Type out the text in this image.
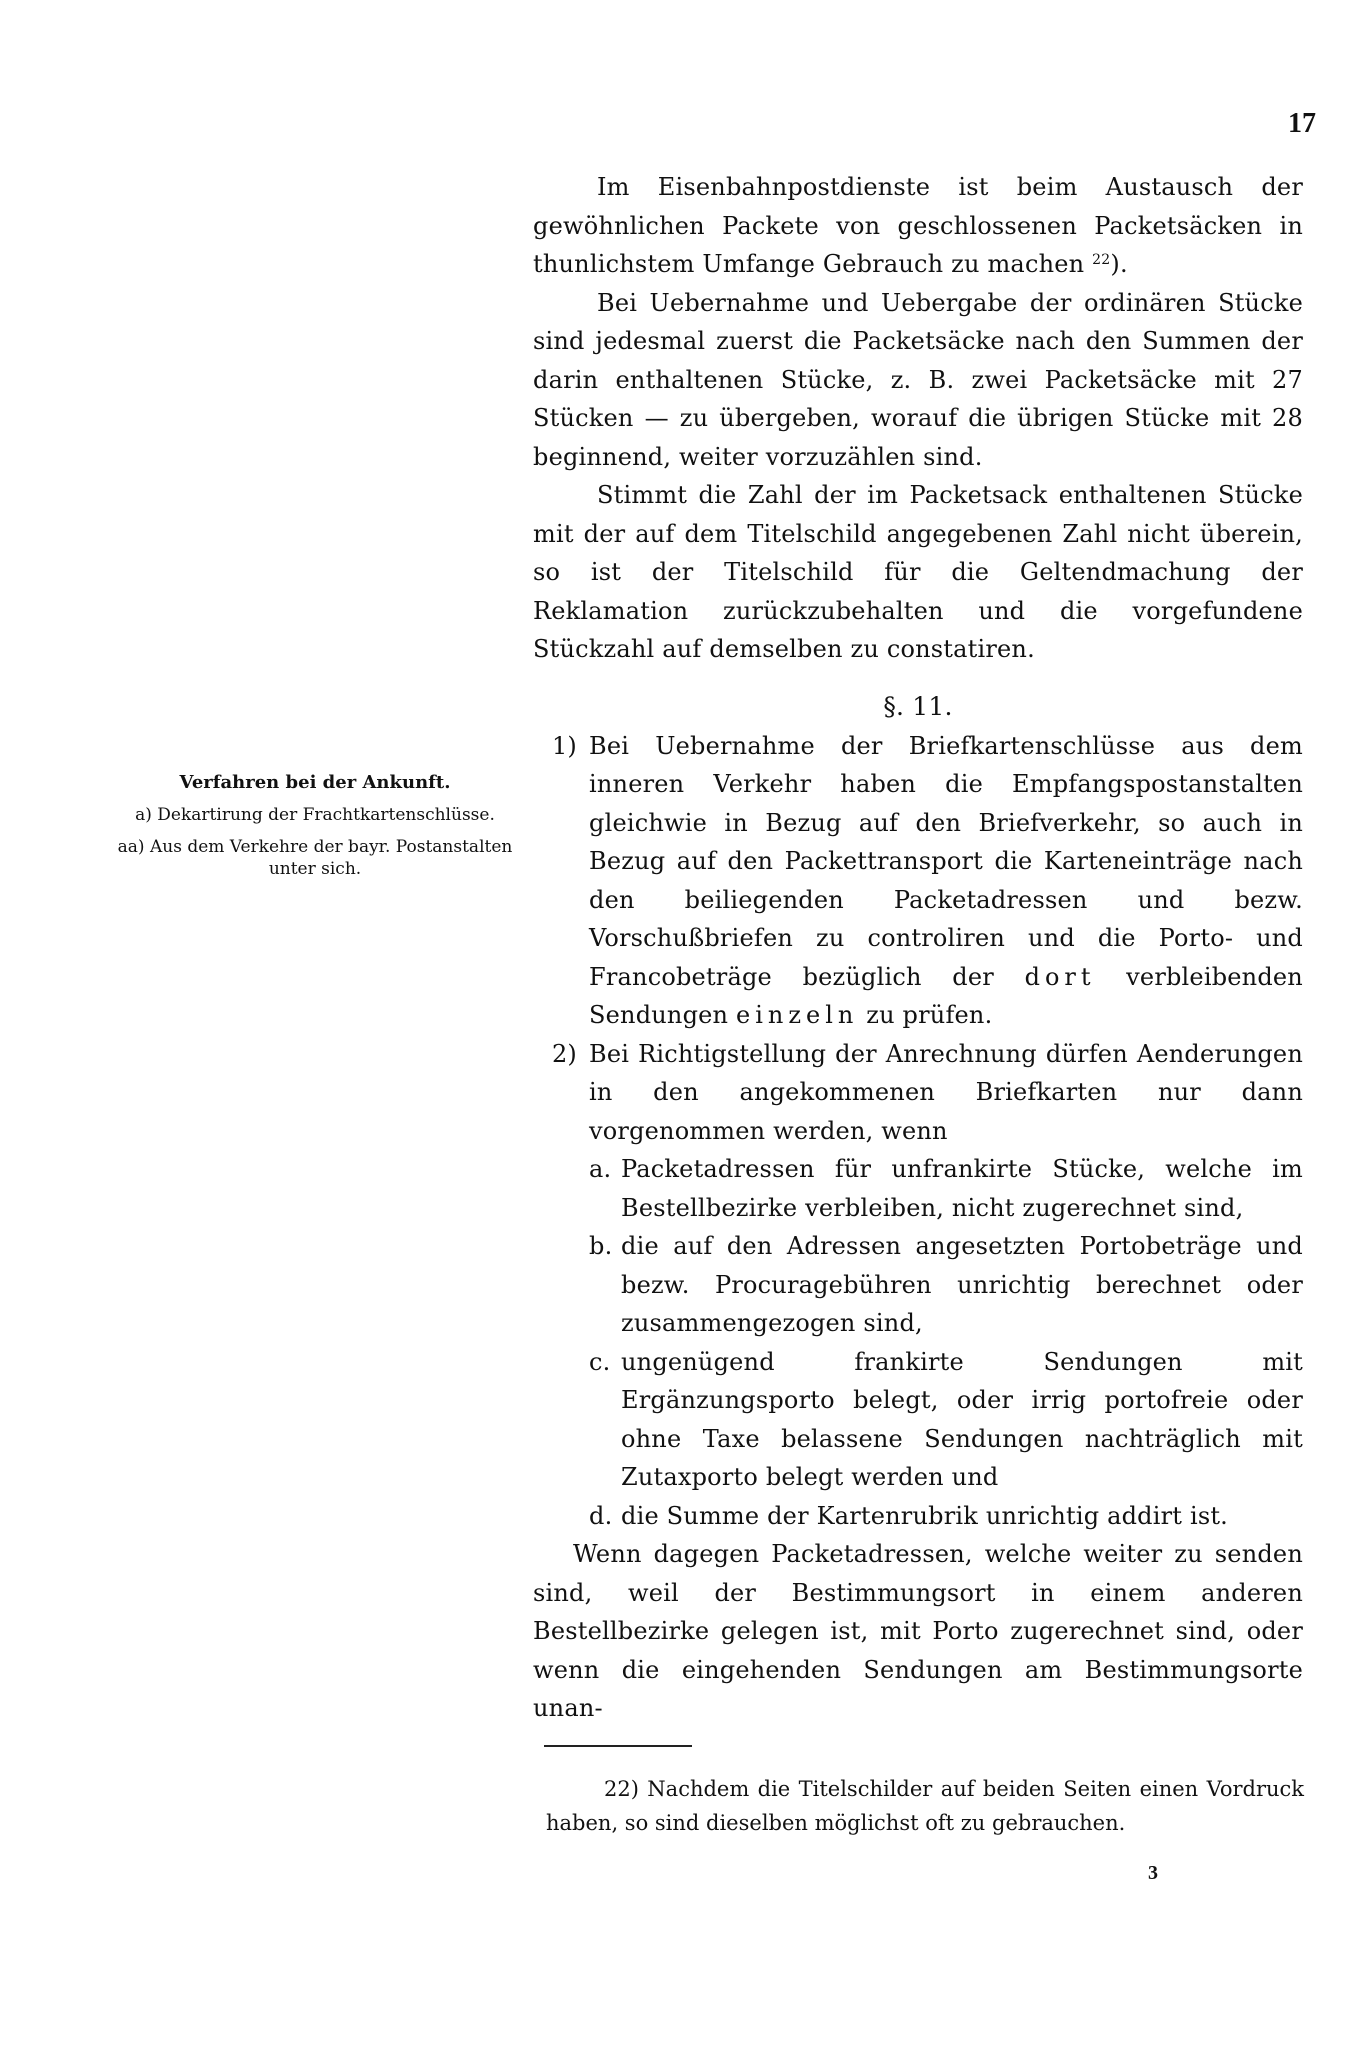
17
Verfahren bei der Ankunft.
a) Dekartirung der Frachtkartenschlüsse.
aa) Aus dem Verkehre der bayr. Postanstalten unter sich.

Im Eisenbahnpostdienste ist beim Austausch der gewöhnlichen Packete von geschlossenen Packetsäcken in thunlichstem Umfange Gebrauch zu machen $^{22}$).

Bei Uebernahme und Uebergabe der ordinären Stücke sind jedesmal zuerst die Packetsäcke nach den Summen der darin enthaltenen Stücke, z. B. zwei Packetsäcke mit 27 Stücken — zu übergeben, worauf die übrigen Stücke mit 28 beginnend, weiter vorzuzählen sind.

Stimmt die Zahl der im Packetsack enthaltenen Stücke mit der auf dem Titelschild angegebenen Zahl nicht überein, so ist der Titelschild für die Geltendmachung der Reklamation zurückzubehalten und die vorgefundene Stückzahl auf demselben zu constatiren.

§. 11.
1) Bei Uebernahme der Briefkartenschlüsse aus dem inneren Verkehr haben die Empfangspostanstalten gleichwie in Bezug auf den Briefverkehr, so auch in Bezug auf den Packettransport die Karteneinträge nach den beiliegenden Packetadressen und bezw. Vorschußbriefen zu controliren und die Porto- und Francobeträge bezüglich der dort verbleibenden Sendungen einzeln zu prüfen.
2) Bei Richtigstellung der Anrechnung dürfen Aenderungen in den angekommenen Briefkarten nur dann vorgenommen werden, wenn
a. Packetadressen für unfrankirte Stücke, welche im Bestellbezirke verbleiben, nicht zugerechnet sind,
b. die auf den Adressen angesetzten Portobeträge und bezw. Procuragebühren unrichtig berechnet oder zusammengezogen sind,
c. ungenügend frankirte Sendungen mit Ergänzungsporto belegt, oder irrig portofreie oder ohne Taxe belassene Sendungen nachträglich mit Zutaxporto belegt werden und
d. die Summe der Kartenrubrik unrichtig addirt ist.

Wenn dagegen Packetadressen, welche weiter zu senden sind, weil der Bestimmungsort in einem anderen Bestellbezirke gelegen ist, mit Porto zugerechnet sind, oder wenn die eingehenden Sendungen am Bestimmungsorte unan-

22) Nachdem die Titelschilder auf beiden Seiten einen Vordruck haben, so sind dieselben möglichst oft zu gebrauchen.

3
